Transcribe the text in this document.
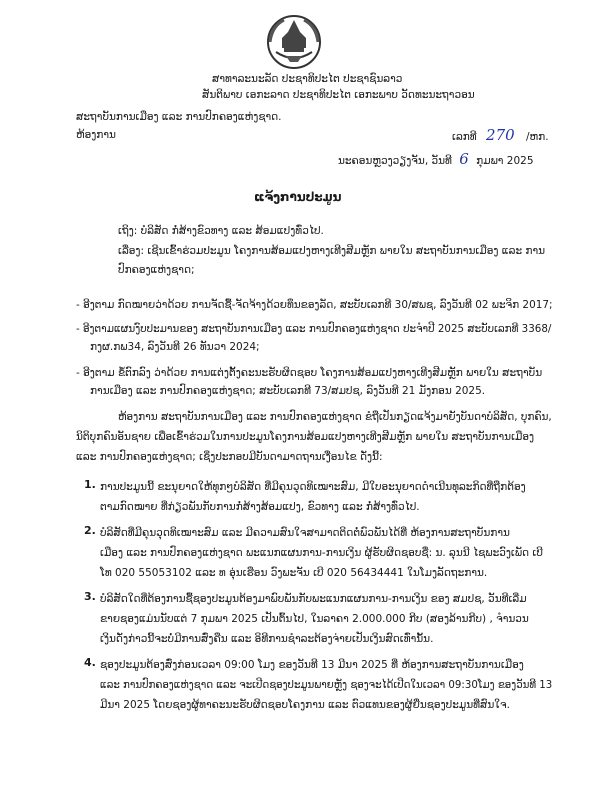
ສາທາລະນະລັດ ປະຊາທິປະໄຕ ປະຊາຊົນລາວ
ສັນຕິພາບ ເອກະລາດ ປະຊາທິປະໄຕ ເອກະພາບ ວັດທະນະຖາວອນ
ສະຖາບັນການເມືອງ ແລະ ການປົກຄອງແຫ່ງຊາດ.
ຫ້ອງການ	ເລກທີ 270 /ຫກ.
ນະຄອນຫຼວງວຽງຈັນ, ວັນທີ 6 ກຸມພາ 2025
ແຈ້ງການປະມູນ
ເຖິງ: ບໍລິສັດ ກໍ່ສ້າງຂົວທາງ ແລະ ສ້ອມແປງທົ່ວໄປ.
ເລື່ອງ: ເຊີນເຂົ້າຮ່ວມປະມູນ ໂຄງການສ້ອມແປງຫາງເທີງສີມຫຼັກ ພາຍໃນ ສະຖາບັນການເມືອງ ແລະ ການ
ປົກຄອງແຫ່ງຊາດ;
- ອີງຕາມ ກົດໝາຍວ່າດ້ວຍ ການຈັດຊື້-ຈັດຈ້າງດ້ວຍທຶນຂອງລັດ, ສະບັບເລກທີ 30/ສພຊ, ລົງວັນທີ 02 ພະຈິກ 2017;
- ອີງຕາມແຜນງົບປະມານຂອງ ສະຖາບັນການເມືອງ ແລະ ການປົກຄອງແຫ່ງຊາດ ປະຈຳປີ 2025 ສະບັບເລກທີ 3368/
ກງຜ.ກພ34, ລົງວັນທີ 26 ທັນວາ 2024;
- ອີງຕາມ ຂໍ້ຕົກລົງ ວ່າດ້ວຍ ການແຕ່ງຕັ້ງຄະນະຮັບຜິດຊອບ ໂຄງການສ້ອມແປງຫາງເທີງສີມຫຼັກ ພາຍໃນ ສະຖາບັນ
ການເມືອງ ແລະ ການປົກຄອງແຫ່ງຊາດ; ສະບັບເລກທີ 73/ສມປຊ, ລົງວັນທີ 21 ມັງກອນ 2025.
ຫ້ອງການ ສະຖາບັນການເມືອງ ແລະ ການປົກຄອງແຫ່ງຊາດ ຂໍຖືເປັນກຽດແຈ້ງມາຍັງບັນດາບໍລິສັດ, ບຸກຄົນ,
ນິຕິບຸກຄົນອັນຊາຍ ເພື່ອເຂົ້າຮ່ວມໃນການປະມູນໂຄງການສ້ອມແປງຫາງເທີງສີມຫຼັກ ພາຍໃນ ສະຖາບັນການເມືອງ
ແລະ ການປົກຄອງແຫ່ງຊາດ; ເຊິ່ງປະກອບມີບັນດາມາດຖານເງື່ອນໄຂ ດັ່ງນີ້:
1. ການປະມູນນີ້ ຂະນຸຍາດໃຫ້ທຸກໆບໍລິສັດ ທີ່ມີຄຸນວຸດທິເໝາະສົມ, ມີໃບອະນຸຍາດດຳເນີນທຸລະກິດທີ່ຖືກຕ້ອງ
ຕາມກົດໝາຍ ທີ່ກ່ຽວພັນກັບການກໍ່ສ້າງສ້ອມແປງ, ຂົວທາງ ແລະ ກໍ່ສ້າງທົ່ວໄປ.
2. ບໍລິສັດທີ່ມີຄຸນວຸດທິເໝາະສົມ ແລະ ມີຄວາມສົນໃຈສາມາດຕິດຕໍ່ພົວພັນໄດ້ທີ່ ຫ້ອງການສະຖາບັນການ
ເມືອງ ແລະ ການປົກຄອງແຫ່ງຊາດ ພະແນກແຜນການ-ການເງິນ ຜູ້ຮັບຜິດຊອບຊື່: ນ. ລຸນນີ ໄຊພະວົງເພັດ ເບີ
ໂທ 020 55053102 ແລະ ທ ອຸ່ນເຮືອນ ວົງພະຈັນ ເບີ 020 56434441 ໃນໂມງລັດຖະການ.
3. ບໍລິສັດໃດທີ່ຕ້ອງການຊື້ຊອງປະມູນຕ້ອງມາພົບພັນກັບພະແນກແຜນການ-ການເງິນ ຂອງ ສມປຊ, ວັນທີເລີ່ມ
ຂາຍຊອງແມ່ນນັບແຕ່ 7 ກຸມພາ 2025 ເປັນຕົ້ນໄປ, ໃນລາຄາ 2.000.000 ກີບ (ສອງລ້ານກີບ) , ຈຳນວນ
ເງິນດັ່ງກ່າວນີ້ຈະບໍ່ມີການສົ່ງຄືນ ແລະ ອິທີການຊຳລະຕ້ອງຈ່າຍເປັນເງິນສົດເທົ່ານັ້ນ.
4. ຊອງປະມູນຕ້ອງສົ່ງກ່ອນເວລາ 09:00 ໂມງ ຂອງວັນທີ 13 ມີນາ 2025 ທີ່ ຫ້ອງການສະຖາບັນການເມືອງ
ແລະ ການປົກຄອງແຫ່ງຊາດ ແລະ ຈະເປີດຊອງປະມູນພາຍຫຼັງ ຊອງຈະໄດ້ເປີດໃນເວລາ 09:30ໂມງ ຂອງວັນທີ 13
ມີນາ 2025 ໂດຍຊອງຜູ້ທາຄະນະຮັບຜິດຊອບໂຄງການ ແລະ ຕົວແທນຂອງຜູ້ຍື່ນຊອງປະມູນທີ່ສົນໃຈ.
